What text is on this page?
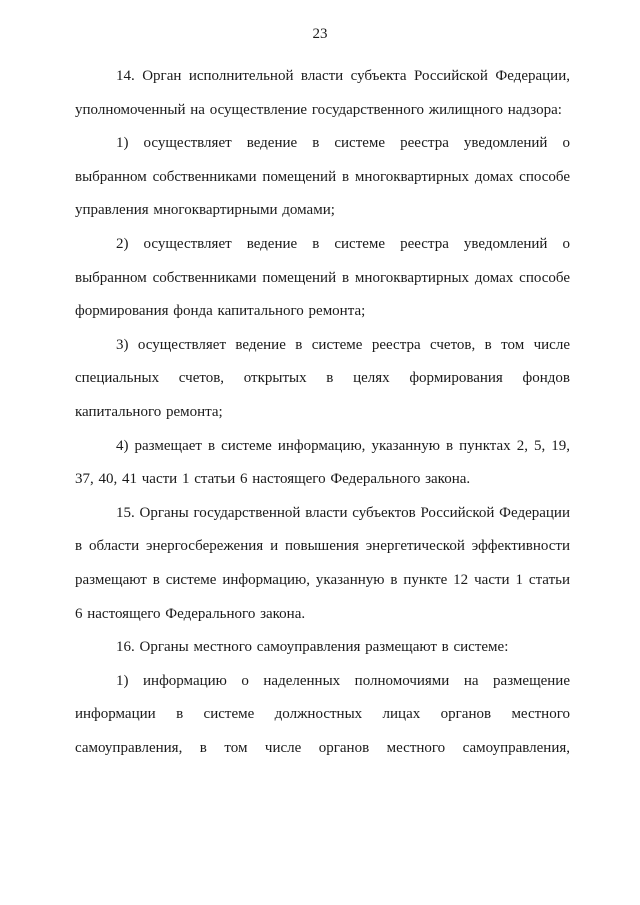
23

14. Орган исполнительной власти субъекта Российской Федерации, уполномоченный на осуществление государственного жилищного надзора:

1) осуществляет ведение в системе реестра уведомлений о выбранном собственниками помещений в многоквартирных домах способе управления многоквартирными домами;

2) осуществляет ведение в системе реестра уведомлений о выбранном собственниками помещений в многоквартирных домах способе формирования фонда капитального ремонта;

3) осуществляет ведение в системе реестра счетов, в том числе специальных счетов, открытых в целях формирования фондов капитального ремонта;

4) размещает в системе информацию, указанную в пунктах 2, 5, 19, 37, 40, 41 части 1 статьи 6 настоящего Федерального закона.

15. Органы государственной власти субъектов Российской Федерации в области энергосбережения и повышения энергетической эффективности размещают в системе информацию, указанную в пункте 12 части 1 статьи 6 настоящего Федерального закона.

16. Органы местного самоуправления размещают в системе:

1) информацию о наделенных полномочиями на размещение информации в системе должностных лицах органов местного самоуправления, в том числе органов местного самоуправления,
